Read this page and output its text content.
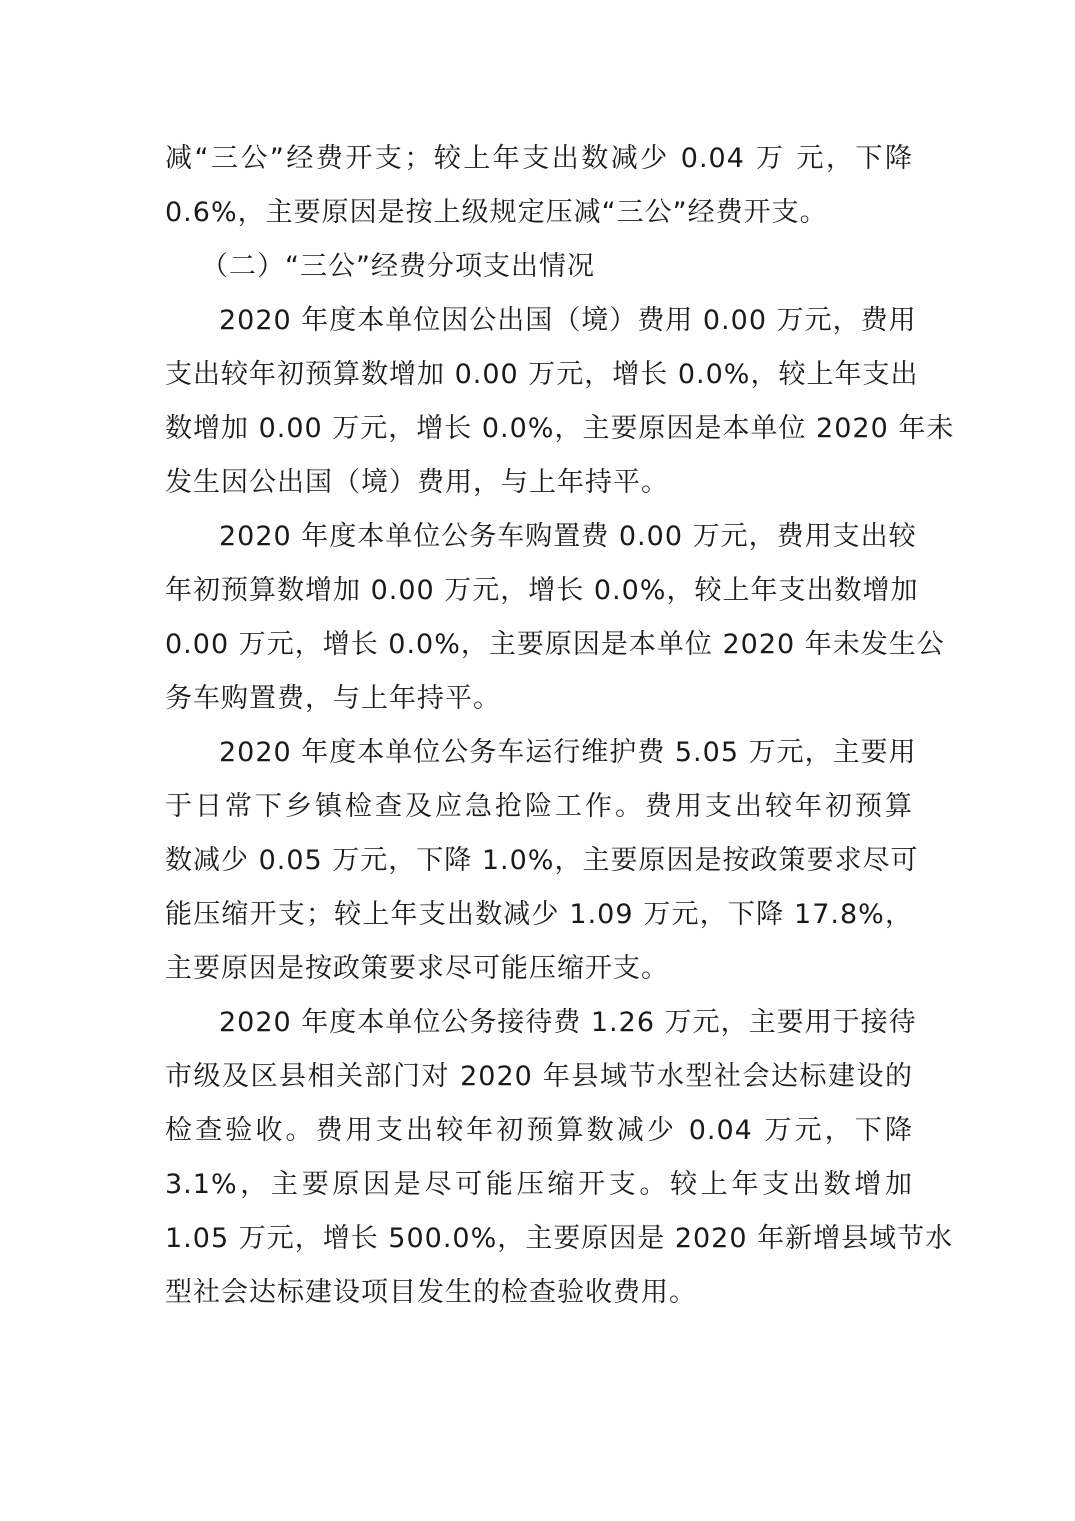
减“三公”经费开支；较上年支出数减少 0.04 万 元，下降
0.6%，主要原因是按上级规定压减“三公”经费开支。
（二）“三公”经费分项支出情况
2020 年度本单位因公出国（境）费用 0.00 万元，费用
支出较年初预算数增加 0.00 万元，增长 0.0%，较上年支出
数增加 0.00 万元，增长 0.0%，主要原因是本单位 2020 年未
发生因公出国（境）费用，与上年持平。
2020 年度本单位公务车购置费 0.00 万元，费用支出较
年初预算数增加 0.00 万元，增长 0.0%，较上年支出数增加
0.00 万元，增长 0.0%，主要原因是本单位 2020 年未发生公
务车购置费，与上年持平。
2020 年度本单位公务车运行维护费 5.05 万元，主要用
于日常下乡镇检查及应急抢险工作。费用支出较年初预算
数减少 0.05 万元，下降 1.0%，主要原因是按政策要求尽可
能压缩开支；较上年支出数减少 1.09 万元，下降 17.8%，
主要原因是按政策要求尽可能压缩开支。
2020 年度本单位公务接待费 1.26 万元，主要用于接待
市级及区县相关部门对 2020 年县域节水型社会达标建设的
检查验收。费用支出较年初预算数减少 0.04 万元，下降
3.1%，主要原因是尽可能压缩开支。较上年支出数增加
1.05 万元，增长 500.0%，主要原因是 2020 年新增县域节水
型社会达标建设项目发生的检查验收费用。
